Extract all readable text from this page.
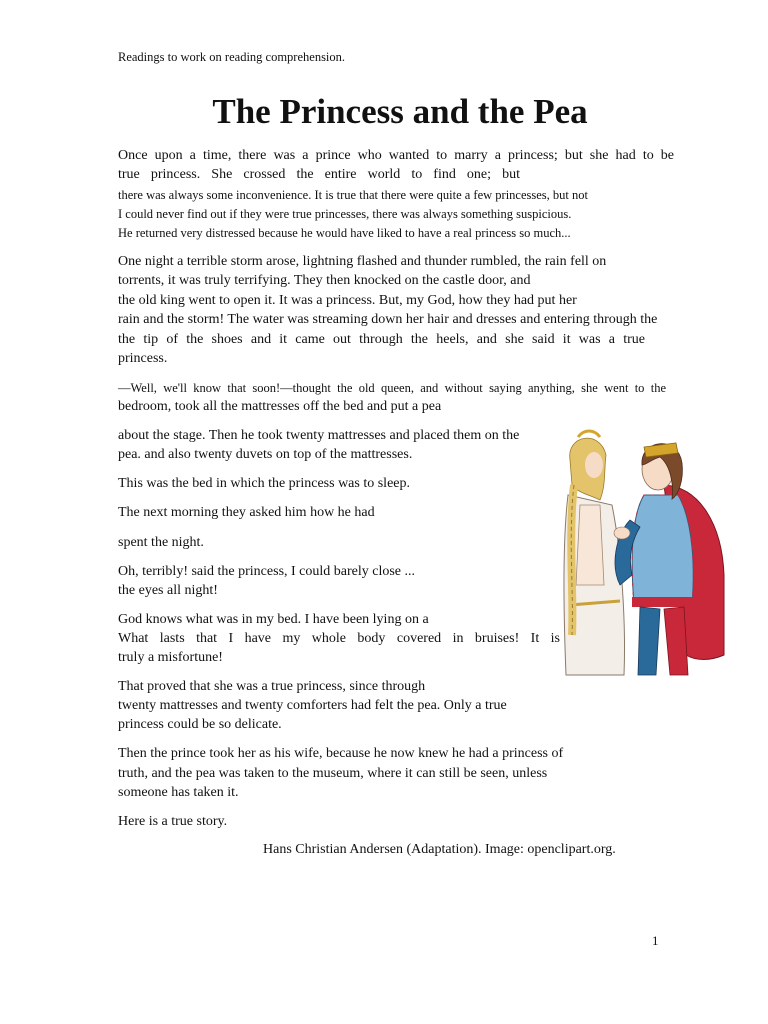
Readings to work on reading comprehension.
The Princess and the Pea
Once upon a time, there was a prince who wanted to marry a princess; but she had to be
true princess. She crossed the entire world to find one; but
there was always some inconvenience. It is true that there were quite a few princesses, but not
I could never find out if they were true princesses, there was always something suspicious.
He returned very distressed because he would have liked to have a real princess so much...
One night a terrible storm arose, lightning flashed and thunder rumbled, the rain fell on
torrents, it was truly terrifying. They then knocked on the castle door, and
the old king went to open it. It was a princess. But, my God, how they had put her
rain and the storm! The water was streaming down her hair and dresses and entering through the
the tip of the shoes and it came out through the heels, and she said it was a true
princess.
—Well, we'll know that soon!—thought the old queen, and without saying anything, she went to the
bedroom, took all the mattresses off the bed and put a pea
about the stage. Then he took twenty mattresses and placed them on the
pea. and also twenty duvets on top of the mattresses.
This was the bed in which the princess was to sleep.
The next morning they asked him how he had
spent the night.
Oh, terribly! said the princess, I could barely close ...
the eyes all night!
God knows what was in my bed. I have been lying on a
What lasts that I have my whole body covered in bruises! It is
truly a misfortune!
That proved that she was a true princess, since through
twenty mattresses and twenty comforters had felt the pea. Only a true
princess could be so delicate.
Then the prince took her as his wife, because he now knew he had a princess of
truth, and the pea was taken to the museum, where it can still be seen, unless
someone has taken it.
Here is a true story.
Hans Christian Andersen (Adaptation). Image: openclipart.org.
1
